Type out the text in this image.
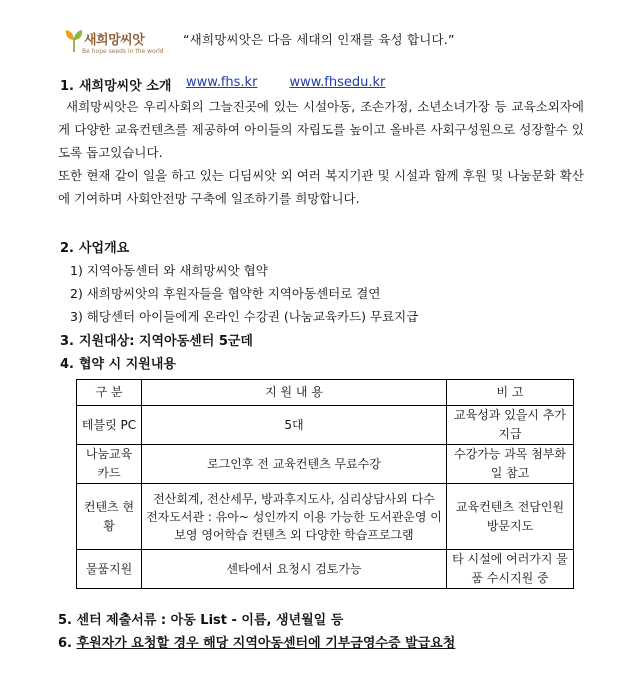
새희망씨앗
Be hope seeds in the world
“새희망씨앗은 다음 세대의 인재를 육성 합니다.”
1. 새희망씨앗 소개 www.fhs.kr www.fhsedu.kr
새희망씨앗은 우리사회의 그늘진곳에 있는 시설아동, 조손가정, 소년소녀가장 등 교육소외자에게 다양한 교육컨텐츠를 제공하여 아이들의 자립도를 높이고 올바른 사회구성원으로 성장할수 있도록 돕고있습니다.
또한 현재 같이 일을 하고 있는 디딤씨앗 외 여러 복지기관 및 시설과 함께 후원 및 나눔문화 확산에 기여하며 사회안전망 구축에 일조하기를 희망합니다.
2. 사업개요
1) 지역아동센터 와 새희망씨앗 협약
2) 새희망씨앗의 후원자들을 협약한 지역아동센터로 결연
3) 해당센터 아이들에게 온라인 수강권 (나눔교육카드) 무료지급
3. 지원대상: 지역아동센터 5군데
4. 협약 시 지원내용
구 분	지 원 내 용	비 고
테블릿 PC	5대	교육성과 있을시 추가지급
나눔교육 카드	로그인후 전 교육컨텐츠 무료수강	수강가능 과목 첨부화일 참고
컨텐츠 현황	전산회계, 전산세무, 방과후지도사, 심리상담사외 다수 전자도서관 : 유아~ 성인까지 이용 가능한 도서관운영 이보영 영어학습 컨텐츠 외 다양한 학습프로그램	교육컨텐츠 전담인원 방문지도
물품지원	센타에서 요청시 검토가능	타 시설에 여러가지 물품 수시지원 중
5. 센터 제출서류 : 아동 List - 이름, 생년월일 등
6. 후원자가 요청할 경우 해당 지역아동센터에 기부금영수증 발급요청
